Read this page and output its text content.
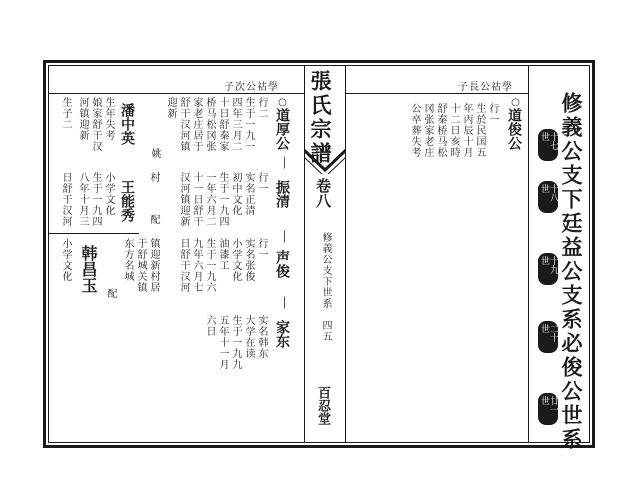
張氏宗譜
卷八
修義公支下世系　四五
百忍堂
子長公祜學
修義公支下廷益公支系必俊公世系
十七世
十八世
十九世
二十世
廿一世
○
道俊公
行一
生於民国五
年丙辰十月
十二日亥時
舒秦桥马松
冈张家老庄
公卒葬失考
子次公祜學
○
道厚公
行二
生于一九一
四年三月二
十日舒秦家
桥马松冈张
家老庄居于
舒干汉河镇
迎新
姚
潘中英
生年失考
娘家舒干汉
河镇迎新
生子二
│
振清
行一
实名正清
初中文化
生于一九四
一年六月二
十一日舒干
汉河镇迎新
村
配
王能秀
小学文化
生于一九四
八年十月三
日舒干汉河
│
声俊
行一
实名张俊
小学文化
油漆工
生于一九六
九年六月七
日舒干汉河
镇迎新村居
于舒城关镇
东方名城
配
韩昌玉
小学文化
│
家东
实名韩东
大学在读
生于一九九
五年十一月
六日
